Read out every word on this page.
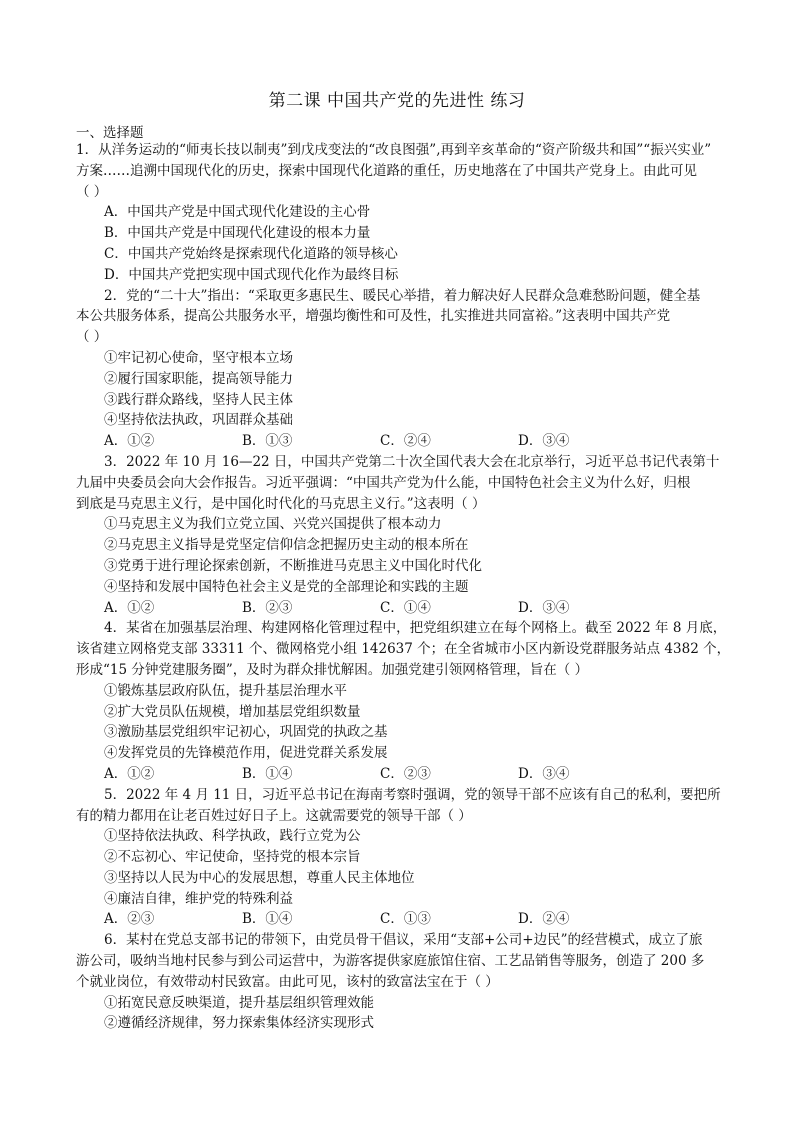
第二课 中国共产党的先进性 练习
一、选择题
1．从洋务运动的“师夷长技以制夷”到戊戌变法的“改良图强”,再到辛亥革命的“资产阶级共和国”“振兴实业”
方案……追溯中国现代化的历史，探索中国现代化道路的重任，历史地落在了中国共产党身上。由此可见
（ ）
A．中国共产党是中国式现代化建设的主心骨
B．中国共产党是中国现代化建设的根本力量
C．中国共产党始终是探索现代化道路的领导核心
D．中国共产党把实现中国式现代化作为最终目标
2．党的“二十大”指出：“采取更多惠民生、暖民心举措，着力解决好人民群众急难愁盼问题，健全基
本公共服务体系，提高公共服务水平，增强均衡性和可及性，扎实推进共同富裕。”这表明中国共产党
（ ）
①牢记初心使命，坚守根本立场
②履行国家职能，提高领导能力
③践行群众路线，坚持人民主体
④坚持依法执政，巩固群众基础
A．①②	B．①③	C．②④	D．③④
3．2022 年 10 月 16—22 日，中国共产党第二十次全国代表大会在北京举行，习近平总书记代表第十
九届中央委员会向大会作报告。习近平强调：“中国共产党为什么能，中国特色社会主义为什么好，归根
到底是马克思主义行，是中国化时代化的马克思主义行。”这表明（ ）
①马克思主义为我们立党立国、兴党兴国提供了根本动力
②马克思主义指导是党坚定信仰信念把握历史主动的根本所在
③党勇于进行理论探索创新，不断推进马克思主义中国化时代化
④坚持和发展中国特色社会主义是党的全部理论和实践的主题
A．①②	B．②③	C．①④	D．③④
4．某省在加强基层治理、构建网格化管理过程中，把党组织建立在每个网格上。截至 2022 年 8 月底，
该省建立网格党支部 33311 个、微网格党小组 142637 个；在全省城市小区内新设党群服务站点 4382 个，
形成“15 分钟党建服务圈”，及时为群众排忧解困。加强党建引领网格管理，旨在（ ）
①锻炼基层政府队伍，提升基层治理水平
②扩大党员队伍规模，增加基层党组织数量
③激励基层党组织牢记初心，巩固党的执政之基
④发挥党员的先锋模范作用，促进党群关系发展
A．①②	B．①④	C．②③	D．③④
5．2022 年 4 月 11 日，习近平总书记在海南考察时强调，党的领导干部不应该有自己的私利，要把所
有的精力都用在让老百姓过好日子上。这就需要党的领导干部（ ）
①坚持依法执政、科学执政，践行立党为公
②不忘初心、牢记使命，坚持党的根本宗旨
③坚持以人民为中心的发展思想，尊重人民主体地位
④廉洁自律，维护党的特殊利益
A．②③	B．①④	C．①③	D．②④
6．某村在党总支部书记的带领下，由党员骨干倡议，采用“支部+公司+边民”的经营模式，成立了旅
游公司，吸纳当地村民参与到公司运营中，为游客提供家庭旅馆住宿、工艺品销售等服务，创造了 200 多
个就业岗位，有效带动村民致富。由此可见，该村的致富法宝在于（ ）
①拓宽民意反映渠道，提升基层组织管理效能
②遵循经济规律，努力探索集体经济实现形式
